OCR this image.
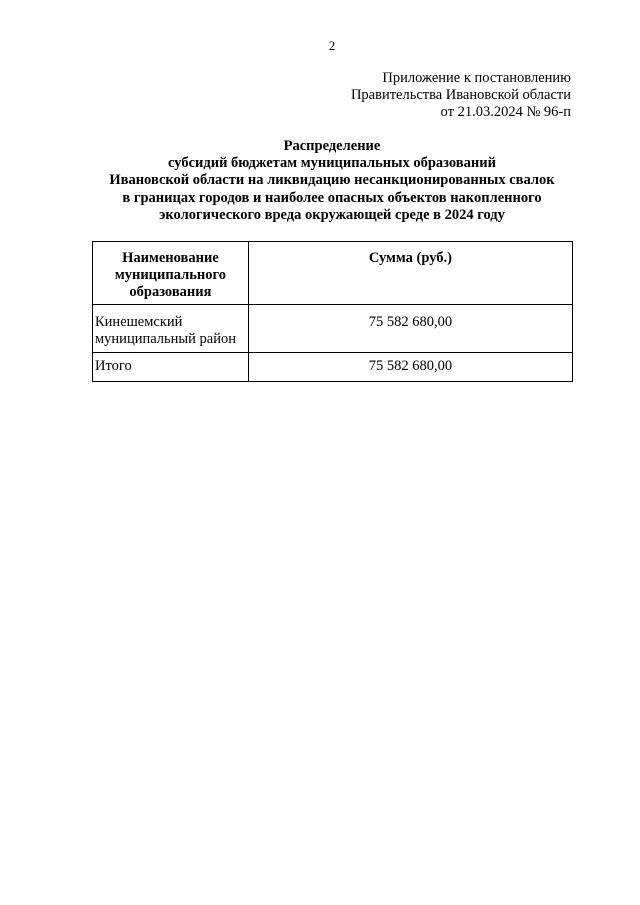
2
Приложение к постановлению
Правительства Ивановской области
от 21.03.2024 № 96-п
Распределение
субсидий бюджетам муниципальных образований
Ивановской области на ликвидацию несанкционированных свалок
в границах городов и наиболее опасных объектов накопленного
экологического вреда окружающей среде в 2024 году
Наименование
муниципального
образования	Сумма (руб.)

Кинешемский
муниципальный район	75 582 680,00
Итого	75 582 680,00
